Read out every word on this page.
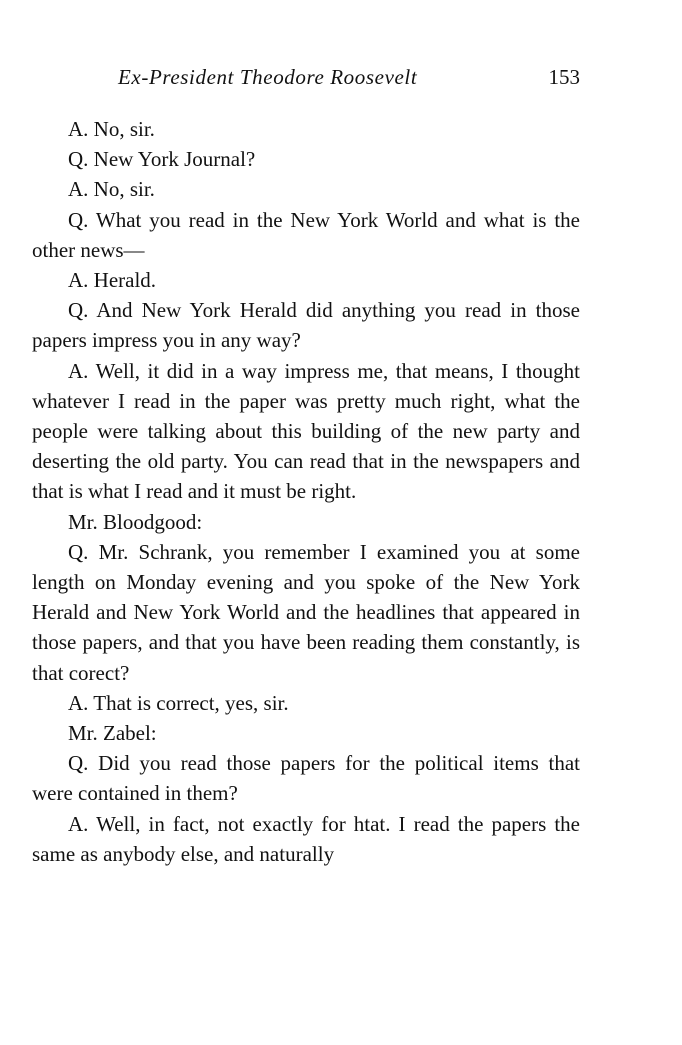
Ex-President Theodore Roosevelt	153

A. No, sir.

Q. New York Journal?

A. No, sir.

Q. What you read in the New York World and what is the other news—

A. Herald.

Q. And New York Herald did anything you read in those papers impress you in any way?

A. Well, it did in a way impress me, that means, I thought whatever I read in the paper was pretty much right, what the people were talking about this building of the new party and deserting the old party. You can read that in the newspapers and that is what I read and it must be right.

Mr. Bloodgood:

Q. Mr. Schrank, you remember I examined you at some length on Monday evening and you spoke of the New York Herald and New York World and the headlines that appeared in those papers, and that you have been reading them constantly, is that corect?

A. That is correct, yes, sir.

Mr. Zabel:

Q. Did you read those papers for the political items that were contained in them?

A. Well, in fact, not exactly for htat. I read the papers the same as anybody else, and naturally
